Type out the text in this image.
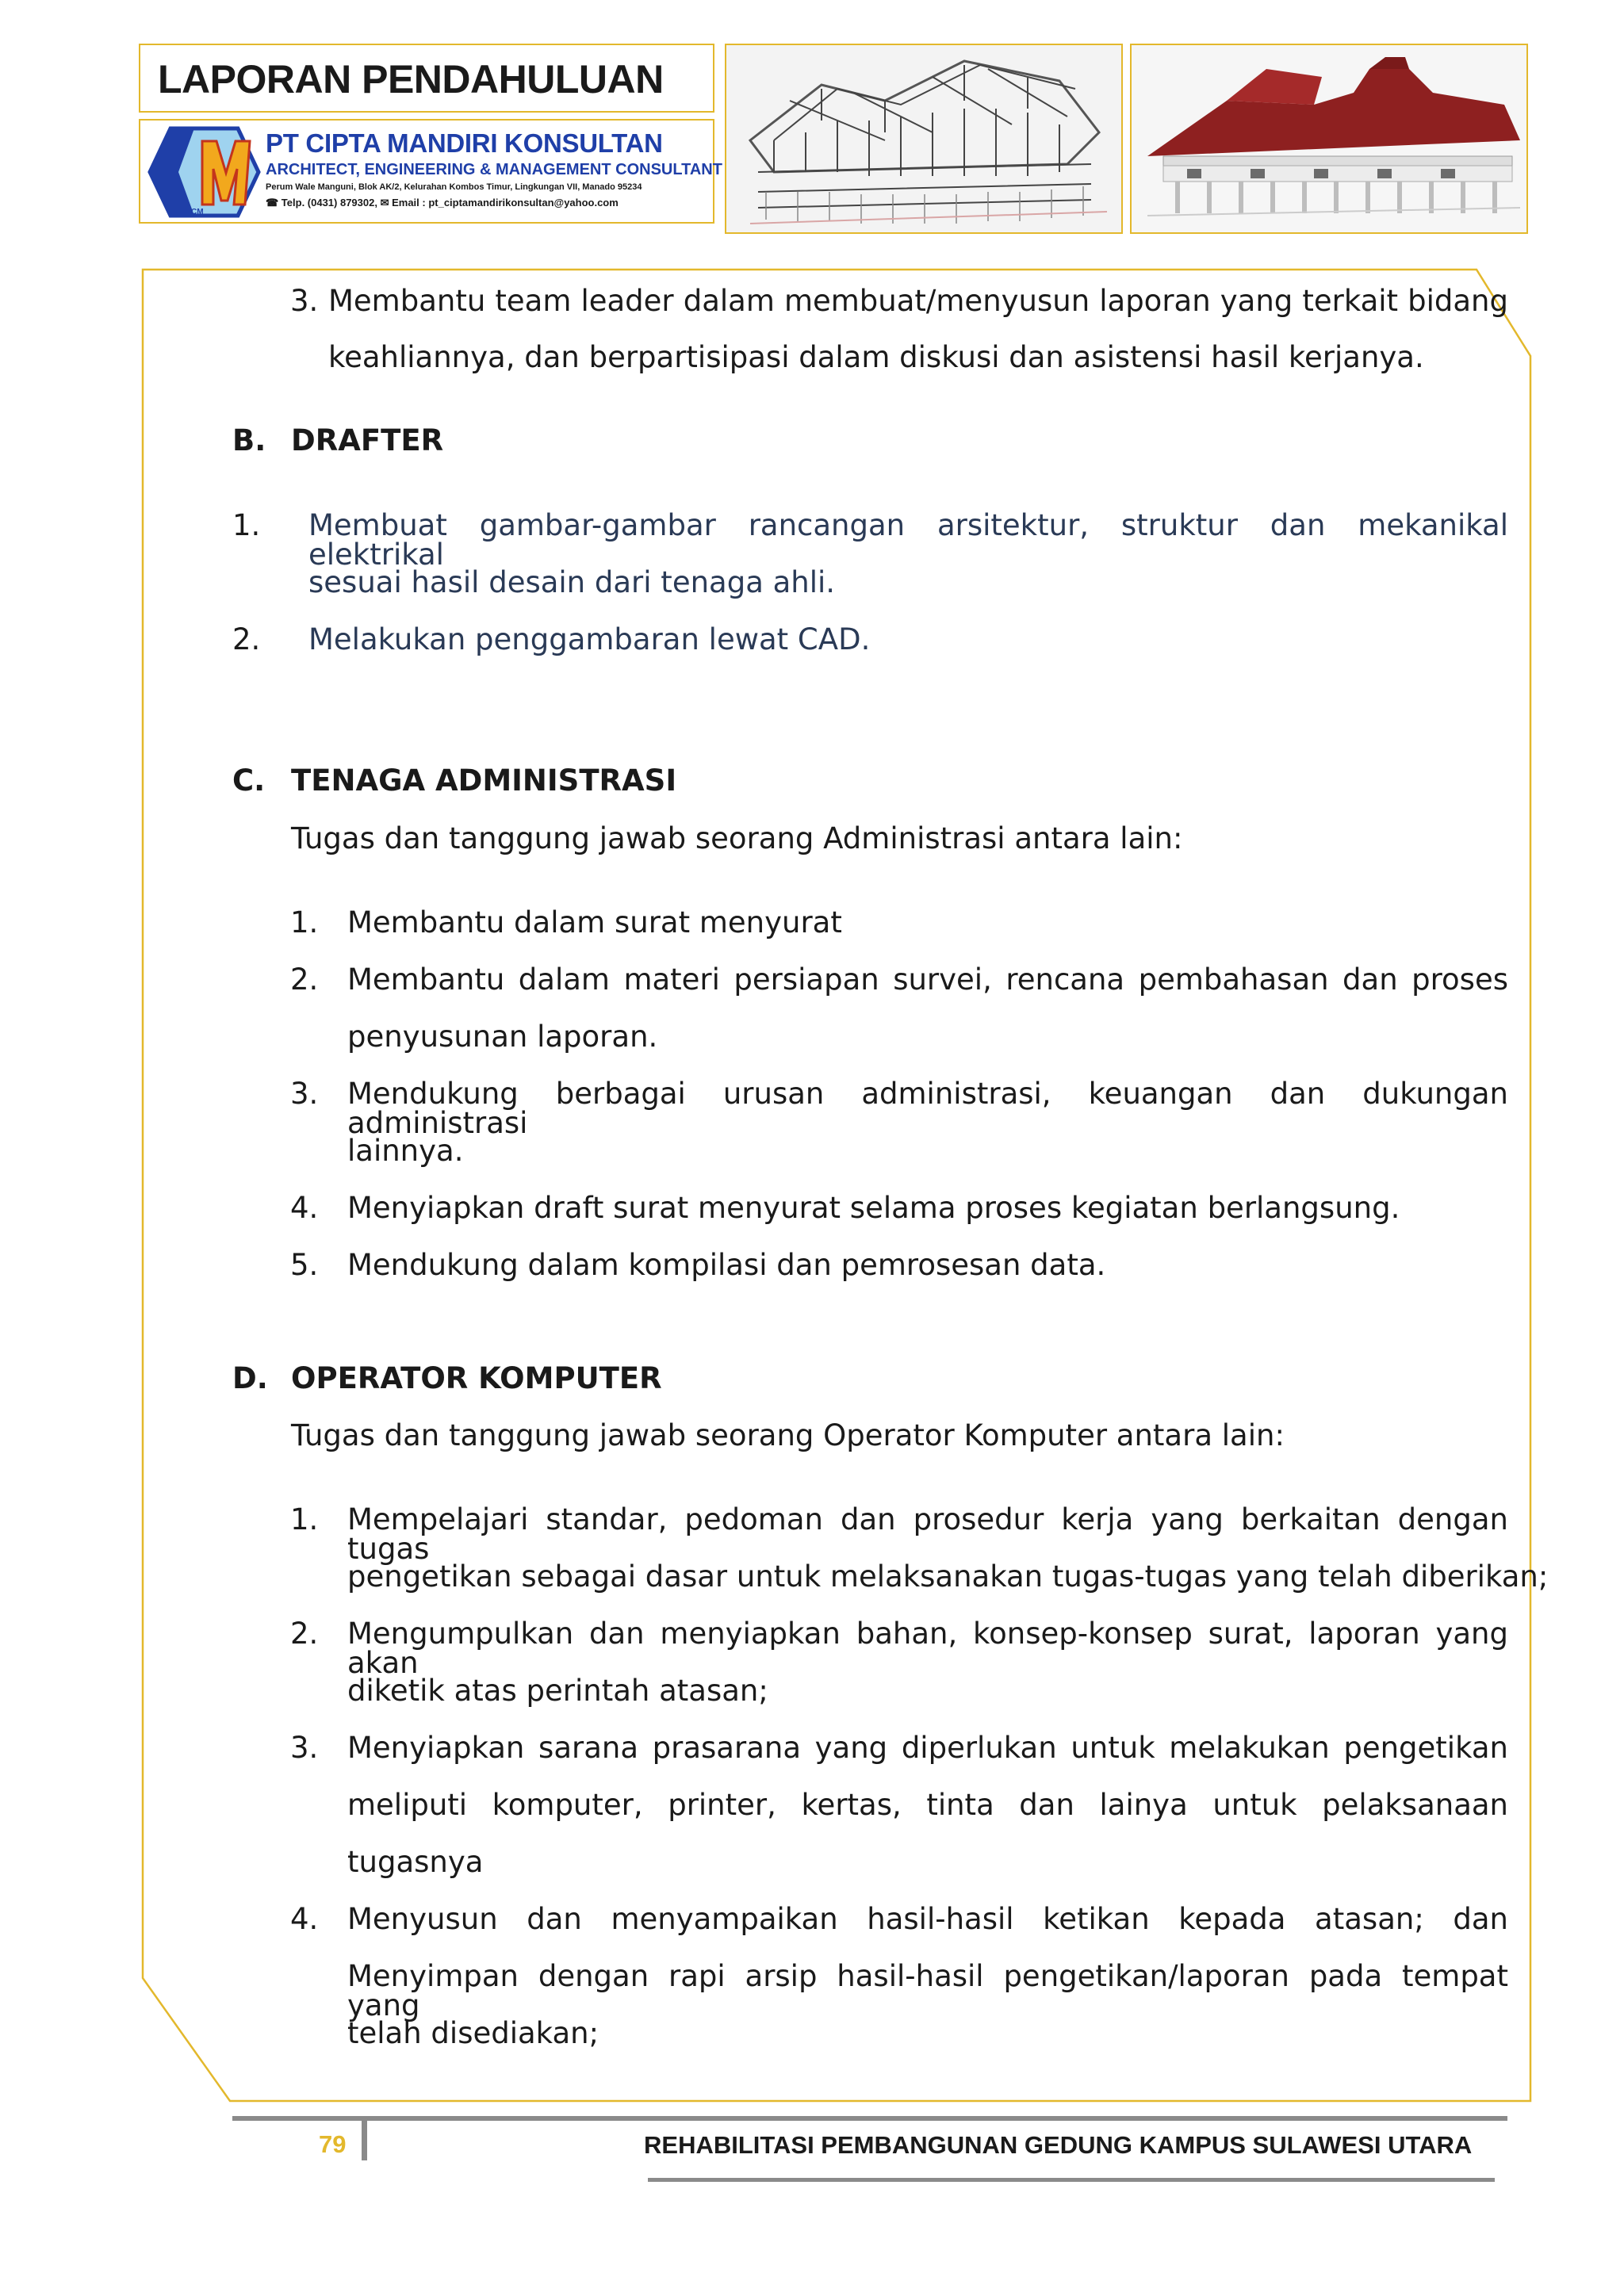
LAPORAN PENDAHULUAN
CM
PT CIPTA MANDIRI KONSULTAN
ARCHITECT, ENGINEERING & MANAGEMENT CONSULTANT
Perum Wale Manguni, Blok AK/2, Kelurahan Kombos Timur, Lingkungan VII, Manado 95234
☎ Telp. (0431) 879302, ✉ Email : pt_ciptamandirikonsultan@yahoo.com
3. Membantu team leader dalam membuat/menyusun laporan yang terkait bidang
keahliannya, dan berpartisipasi dalam diskusi dan asistensi hasil kerjanya.
B. DRAFTER
1. Membuat gambar-gambar rancangan arsitektur, struktur dan mekanikal elektrikal
sesuai hasil desain dari tenaga ahli.
2. Melakukan penggambaran lewat CAD.
C. TENAGA ADMINISTRASI
Tugas dan tanggung jawab seorang Administrasi antara lain:
1. Membantu dalam surat menyurat
2. Membantu dalam materi persiapan survei, rencana pembahasan dan proses
penyusunan laporan.
3. Mendukung berbagai urusan administrasi, keuangan dan dukungan administrasi
lainnya.
4. Menyiapkan draft surat menyurat selama proses kegiatan berlangsung.
5. Mendukung dalam kompilasi dan pemrosesan data.
D. OPERATOR KOMPUTER
Tugas dan tanggung jawab seorang Operator Komputer antara lain:
1. Mempelajari standar, pedoman dan prosedur kerja yang berkaitan dengan tugas
pengetikan sebagai dasar untuk melaksanakan tugas-tugas yang telah diberikan;
2. Mengumpulkan dan menyiapkan bahan, konsep-konsep surat, laporan yang akan
diketik atas perintah atasan;
3. Menyiapkan sarana prasarana yang diperlukan untuk melakukan pengetikan
meliputi komputer, printer, kertas, tinta dan lainya untuk pelaksanaan
tugasnya
4. Menyusun dan menyampaikan hasil-hasil ketikan kepada atasan; dan
Menyimpan dengan rapi arsip hasil-hasil pengetikan/laporan pada tempat yang
telah disediakan;
79	REHABILITASI PEMBANGUNAN GEDUNG KAMPUS SULAWESI UTARA
